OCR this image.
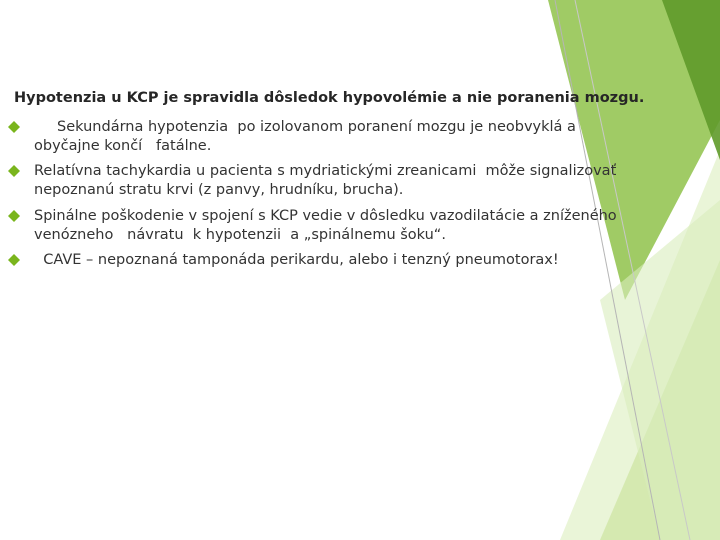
Hypotenzia u KCP je spravidla dôsledok hypovolémie a nie poranenia mozgu.
Sekundárna hypotenzia  po izolovanom poranení mozgu je neobvyklá a
obyčajne končí   fatálne.
Relatívna tachykardia u pacienta s mydriatickými zreanicami  môže signalizovať
nepoznanú stratu krvi (z panvy, hrudníku, brucha).
Spinálne poškodenie v spojení s KCP vedie v dôsledku vazodilatácie a zníženého
venózneho   návratu  k hypotenzii  a „spinálnemu šoku“.
CAVE – nepoznaná tamponáda perikardu, alebo i tenzný pneumotorax!
